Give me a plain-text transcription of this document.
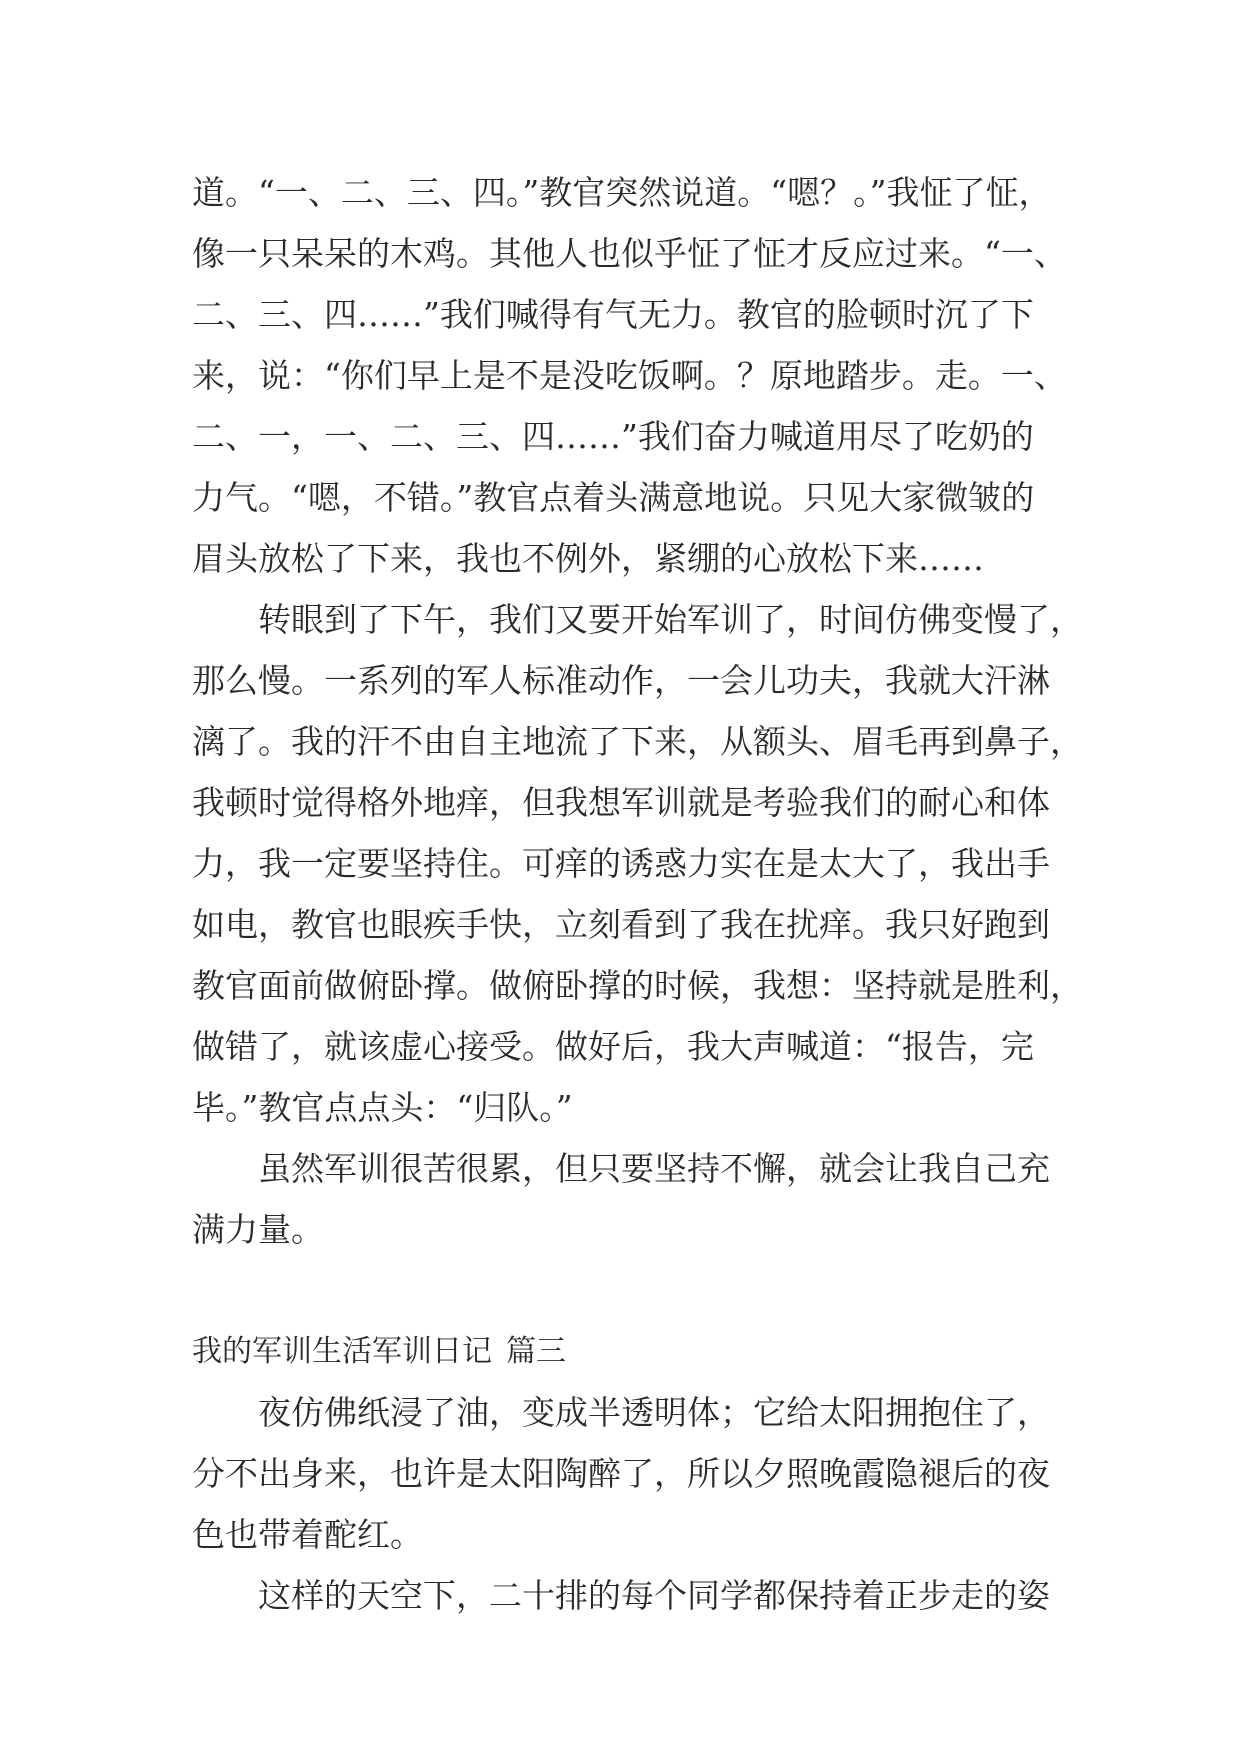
道。“一、二、三、四。”教官突然说道。“嗯？。”我怔了怔，
像一只呆呆的木鸡。其他人也似乎怔了怔才反应过来。“一、
二、三、四……”我们喊得有气无力。教官的脸顿时沉了下
来，说：“你们早上是不是没吃饭啊。？原地踏步。走。一、
二、一，一、二、三、四……”我们奋力喊道用尽了吃奶的
力气。“嗯，不错。”教官点着头满意地说。只见大家微皱的
眉头放松了下来，我也不例外，紧绷的心放松下来……
转眼到了下午，我们又要开始军训了，时间仿佛变慢了，
那么慢。一系列的军人标准动作，一会儿功夫，我就大汗淋
漓了。我的汗不由自主地流了下来，从额头、眉毛再到鼻子，
我顿时觉得格外地痒，但我想军训就是考验我们的耐心和体
力，我一定要坚持住。可痒的诱惑力实在是太大了，我出手
如电，教官也眼疾手快，立刻看到了我在扰痒。我只好跑到
教官面前做俯卧撑。做俯卧撑的时候，我想：坚持就是胜利，
做错了，就该虚心接受。做好后，我大声喊道：“报告，完
毕。”教官点点头：“归队。”
虽然军训很苦很累，但只要坚持不懈，就会让我自己充
满力量。
我的军训生活军训日记 篇三
夜仿佛纸浸了油，变成半透明体；它给太阳拥抱住了，
分不出身来，也许是太阳陶醉了，所以夕照晚霞隐褪后的夜
色也带着酡红。
这样的天空下，二十排的每个同学都保持着正步走的姿
